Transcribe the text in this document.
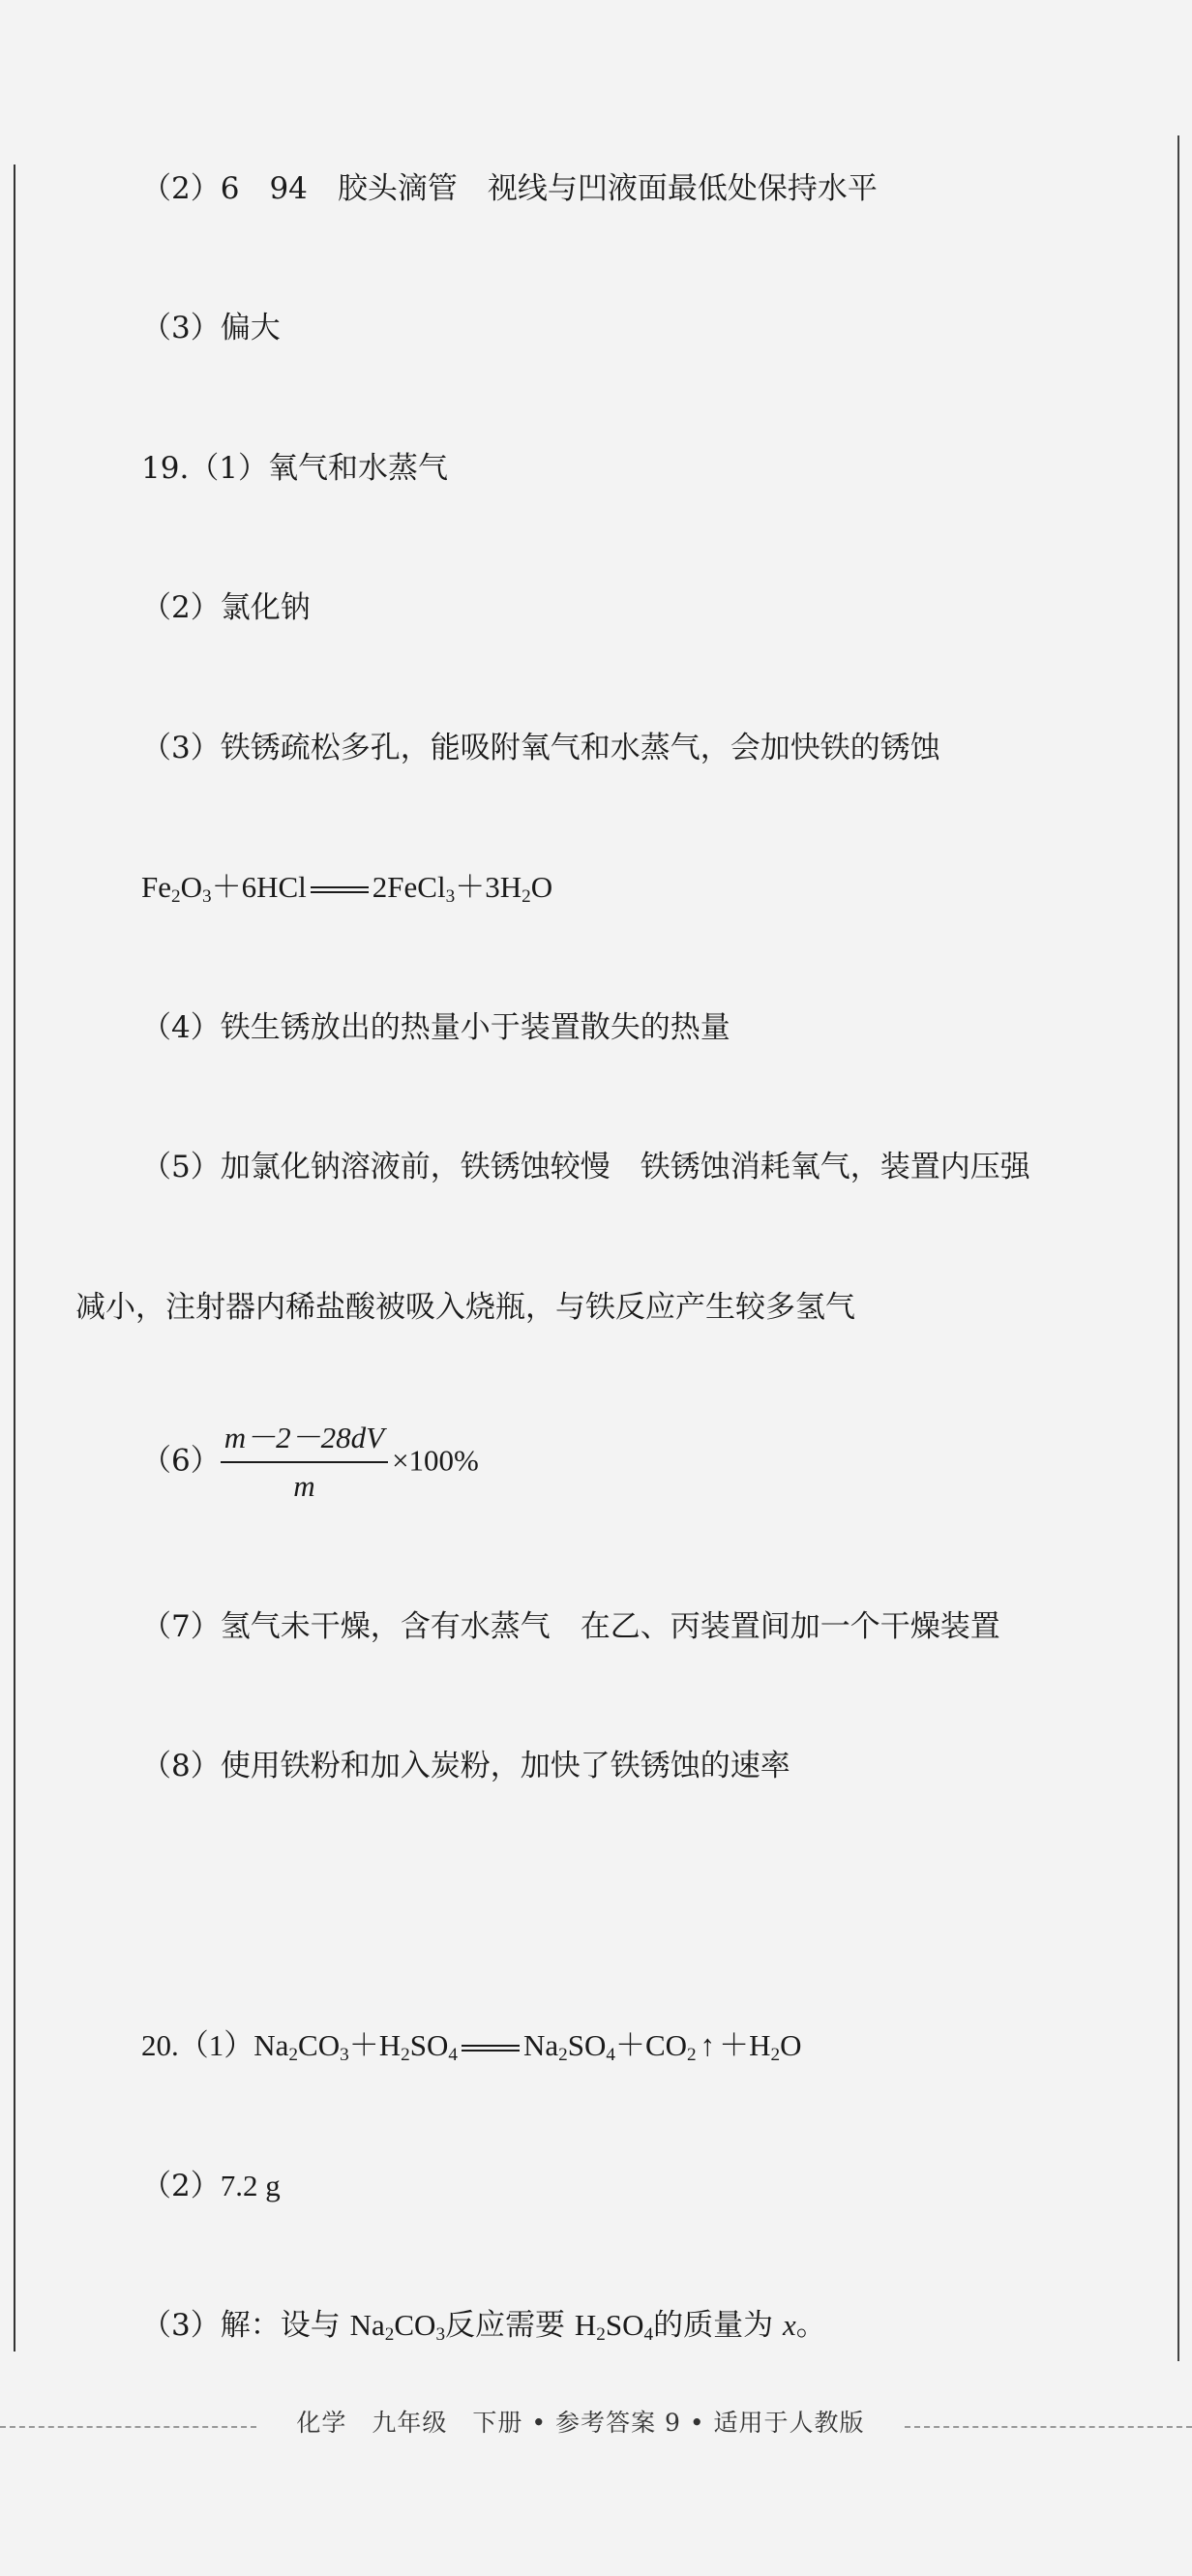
（2）6　94　胶头滴管　视线与凹液面最低处保持水平
（3）偏大
19.（1）氧气和水蒸气
（2）氯化钠
（3）铁锈疏松多孔，能吸附氧气和水蒸气，会加快铁的锈蚀
$Fe_2O_3+6HCl$ $2FeCl_3+3H_2O$
（4）铁生锈放出的热量小于装置散失的热量
（5）加氯化钠溶液前，铁锈蚀较慢　铁锈蚀消耗氧气，装置内压强
减小，注射器内稀盐酸被吸入烧瓶，与铁反应产生较多氢气
$(6) \frac{m-2-28dV}{m} \times 100\%$
（7）氢气未干燥，含有水蒸气　在乙、丙装置间加一个干燥装置
（8）使用铁粉和加入炭粉，加快了铁锈蚀的速率
$20.(1)Na_2CO_3+H_2SO_4$ $Na_2SO_4+CO_2$ ↑ $+H_2O$
（2）7.2 g
（3）解：设与 $Na_2CO_3$反应需要 $H_2SO_4$的质量为 x。
化学　九年级　下册 • 参考答案 9 • 适用于人教版
